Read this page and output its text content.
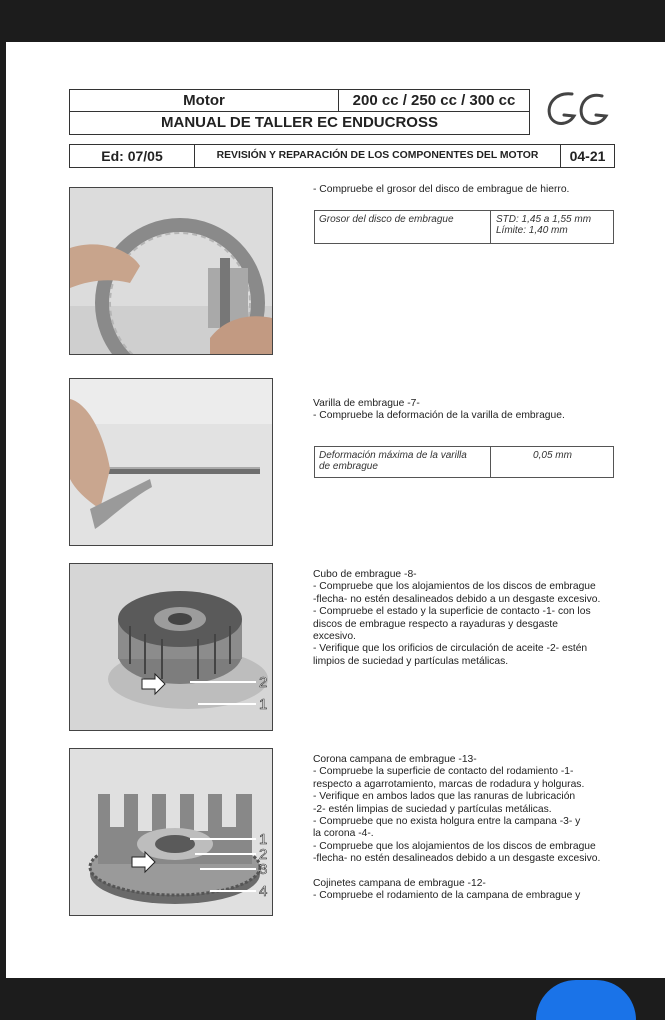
Motor	200 cc / 250 cc / 300 cc
MANUAL DE TALLER EC ENDUCROSS
Ed: 07/05	REVISIÓN Y REPARACIÓN DE LOS COMPONENTES DEL MOTOR	04-21

- Compruebe el grosor del disco de embrague de hierro.

Grosor del disco de embrague	STD: 1,45 a 1,55 mm
Límite: 1,40 mm

Varilla de embrague -7-

- Compruebe la deformación de la varilla de embrague.

Deformación máxima de la varilla
de embrague
0,05 mm
2
1

Cubo de embrague -8-

- Compruebe que los alojamientos de los discos de embrague

-flecha- no estén desalineados debido a un desgaste excesivo.

- Compruebe el estado y la superficie de contacto -1- con los

discos de embrague respecto a rayaduras y desgaste

excesivo.

- Verifique que los orificios de circulación de aceite -2- estén

limpios de suciedad y partículas metálicas.

1
2
3
4

Corona campana de embrague -13-

- Compruebe la superficie de contacto del rodamiento -1-

respecto a agarrotamiento, marcas de rodadura y holguras.

- Verifique en ambos lados que las ranuras de lubricación

-2- estén limpias de suciedad y partículas metálicas.

- Compruebe que no exista holgura entre la campana -3- y

la corona -4-.

- Compruebe que los alojamientos de los discos de embrague

-flecha- no estén desalineados debido a un desgaste excesivo.

Cojinetes campana de embrague -12-

- Compruebe el rodamiento de la campana de embrague y
